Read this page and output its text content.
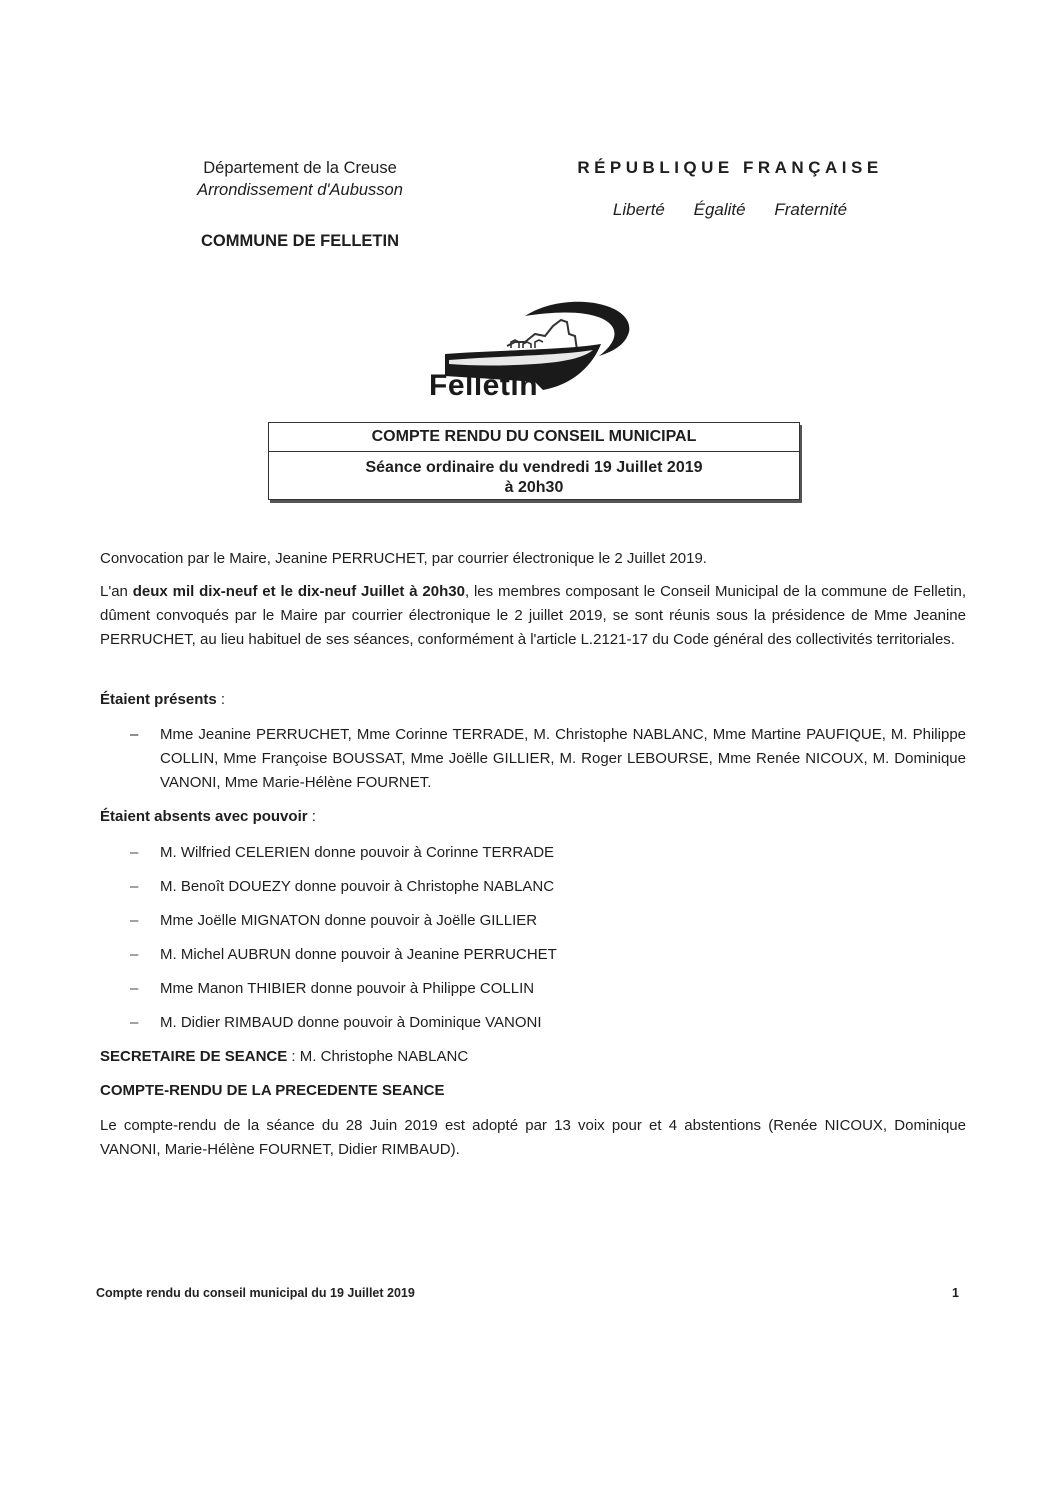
Département de la Creuse
Arrondissement d'Aubusson
COMMUNE DE FELLETIN
RÉPUBLIQUE FRANÇAISE
Liberté Égalité Fraternité
Felletin
COMPTE RENDU DU CONSEIL MUNICIPAL
Séance ordinaire du vendredi 19 Juillet 2019
à 20h30
Convocation par le Maire, Jeanine PERRUCHET, par courrier électronique le 2 Juillet 2019.
L'an deux mil dix-neuf et le dix-neuf Juillet à 20h30, les membres composant le Conseil Municipal de la commune de Felletin, dûment convoqués par le Maire par courrier électronique le 2 juillet 2019, se sont réunis sous la présidence de Mme Jeanine PERRUCHET, au lieu habituel de ses séances, conformément à l'article L.2121-17 du Code général des collectivités territoriales.
Étaient présents :
– Mme Jeanine PERRUCHET, Mme Corinne TERRADE, M. Christophe NABLANC, Mme Martine PAUFIQUE, M. Philippe COLLIN, Mme Françoise BOUSSAT, Mme Joëlle GILLIER, M. Roger LEBOURSE, Mme Renée NICOUX, M. Dominique VANONI, Mme Marie-Hélène FOURNET.
Étaient absents avec pouvoir :
– M. Wilfried CELERIEN donne pouvoir à Corinne TERRADE
– M. Benoît DOUEZY donne pouvoir à Christophe NABLANC
– Mme Joëlle MIGNATON donne pouvoir à Joëlle GILLIER
– M. Michel AUBRUN donne pouvoir à Jeanine PERRUCHET
– Mme Manon THIBIER donne pouvoir à Philippe COLLIN
– M. Didier RIMBAUD donne pouvoir à Dominique VANONI
SECRETAIRE DE SEANCE : M. Christophe NABLANC
COMPTE-RENDU DE LA PRECEDENTE SEANCE
Le compte-rendu de la séance du 28 Juin 2019 est adopté par 13 voix pour et 4 abstentions (Renée NICOUX, Dominique VANONI, Marie-Hélène FOURNET, Didier RIMBAUD).
Compte rendu du conseil municipal du 19 Juillet 2019	1
